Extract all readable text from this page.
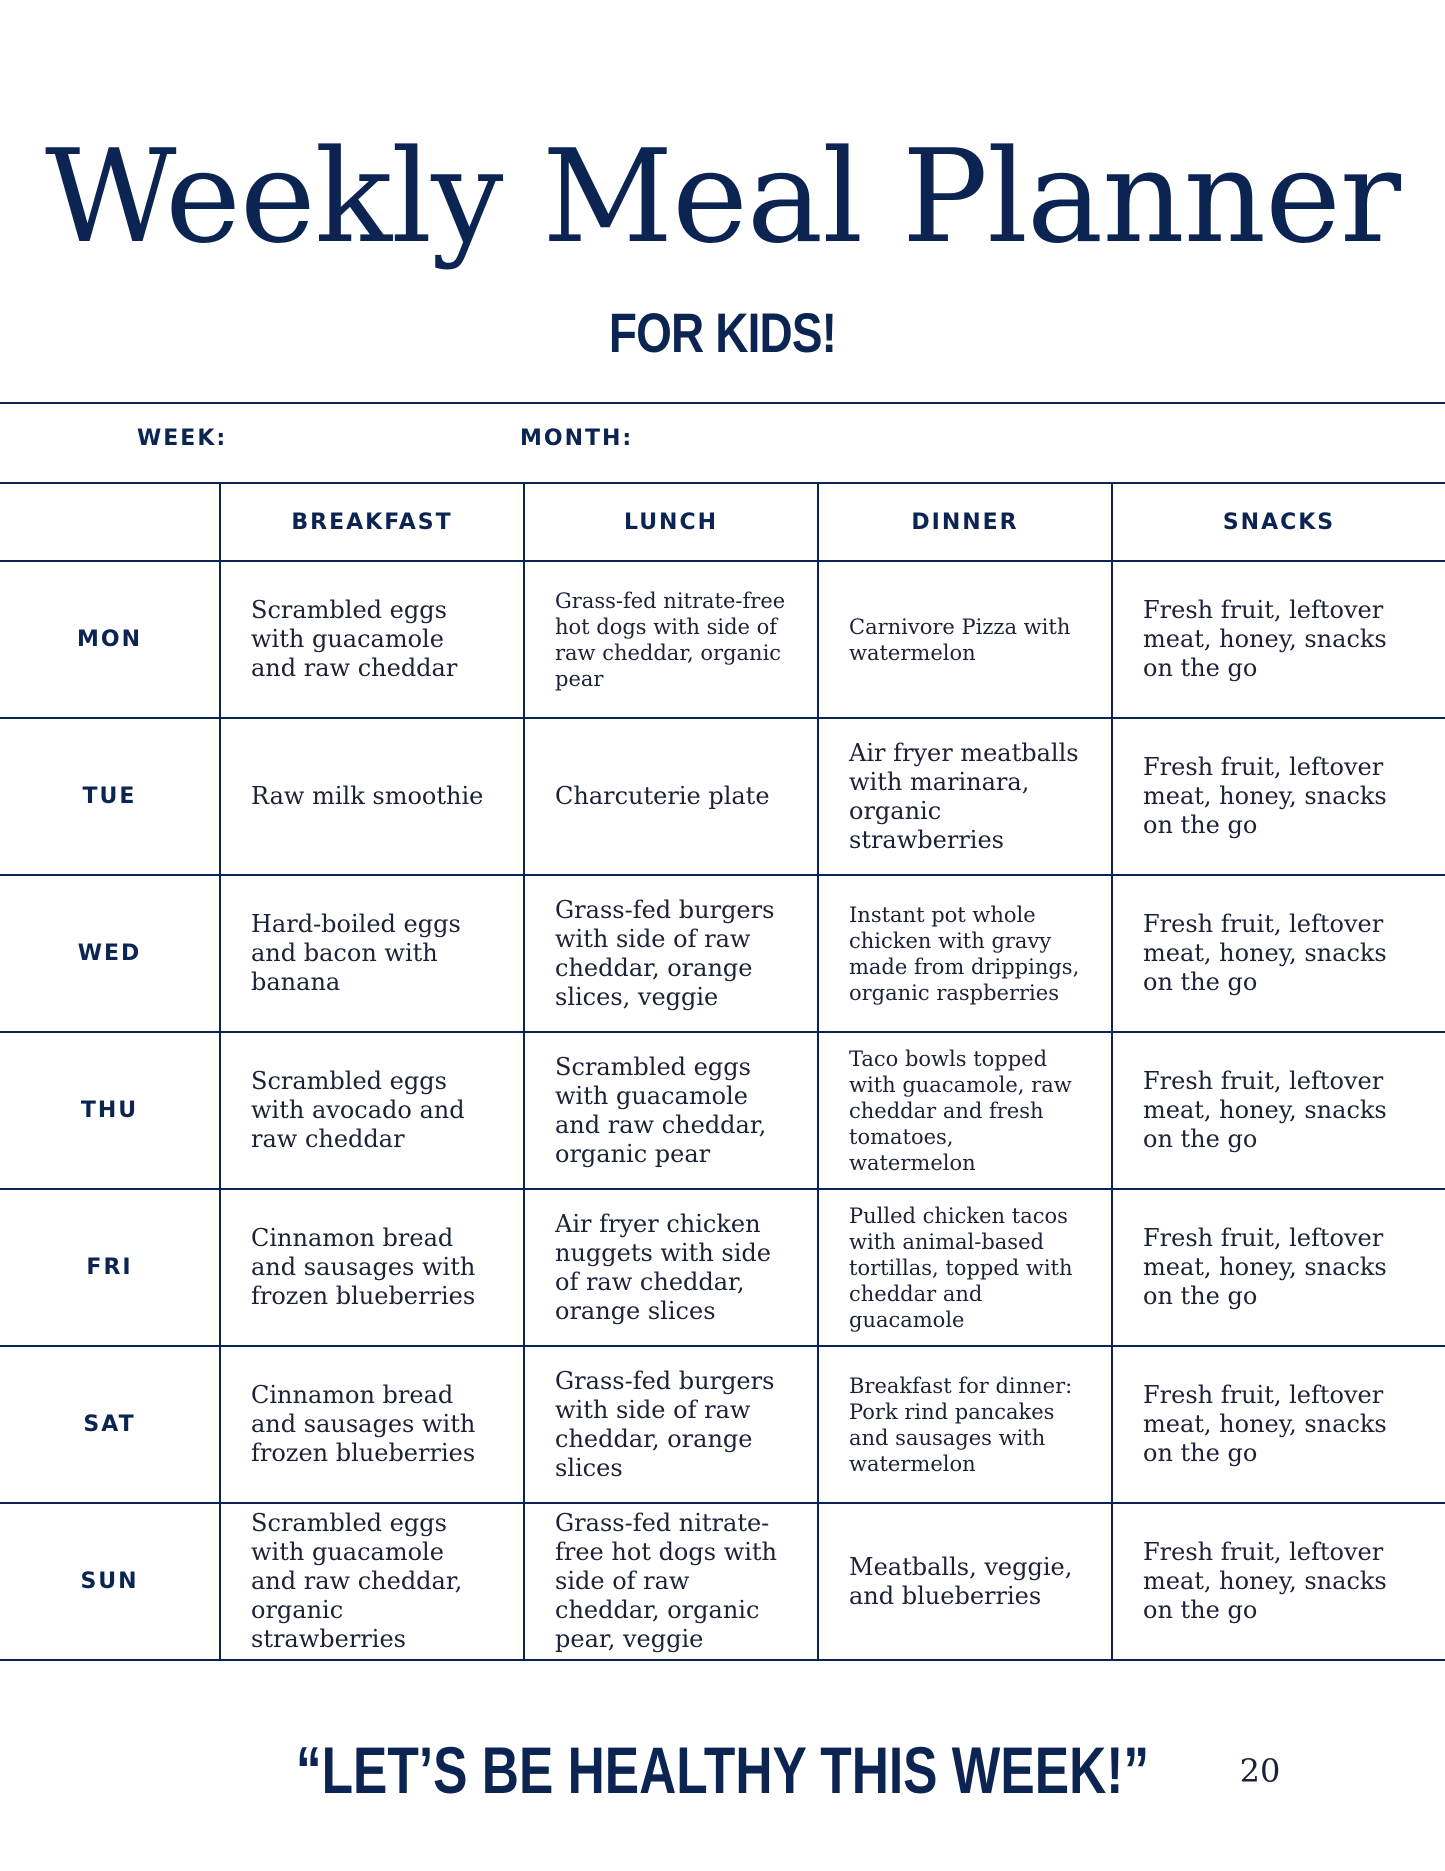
Weekly Meal Planner
FOR KIDS!
WEEK:	MONTH:
	BREAKFAST	LUNCH	DINNER	SNACKS
MON	Scrambled eggs with guacamole and raw cheddar	Grass-fed nitrate-free hot dogs with side of raw cheddar, organic pear	Carnivore Pizza with watermelon	Fresh fruit, leftover meat, honey, snacks on the go
TUE	Raw milk smoothie	Charcuterie plate	Air fryer meatballs with marinara, organic strawberries	Fresh fruit, leftover meat, honey, snacks on the go
WED	Hard-boiled eggs and bacon with banana	Grass-fed burgers with side of raw cheddar, orange slices, veggie	Instant pot whole chicken with gravy made from drippings, organic raspberries	Fresh fruit, leftover meat, honey, snacks on the go
THU	Scrambled eggs with avocado and raw cheddar	Scrambled eggs with guacamole and raw cheddar, organic pear	Taco bowls topped with guacamole, raw cheddar and fresh tomatoes, watermelon	Fresh fruit, leftover meat, honey, snacks on the go
FRI	Cinnamon bread and sausages with frozen blueberries	Air fryer chicken nuggets with side of raw cheddar, orange slices	Pulled chicken tacos with animal-based tortillas, topped with cheddar and guacamole	Fresh fruit, leftover meat, honey, snacks on the go
SAT	Cinnamon bread and sausages with frozen blueberries	Grass-fed burgers with side of raw cheddar, orange slices	Breakfast for dinner: Pork rind pancakes and sausages with watermelon	Fresh fruit, leftover meat, honey, snacks on the go
SUN	Scrambled eggs with guacamole and raw cheddar, organic strawberries	Grass-fed nitrate-free hot dogs with side of raw cheddar, organic pear, veggie	Meatballs, veggie, and blueberries	Fresh fruit, leftover meat, honey, snacks on the go
“LET’S BE HEALTHY THIS WEEK!”	20
